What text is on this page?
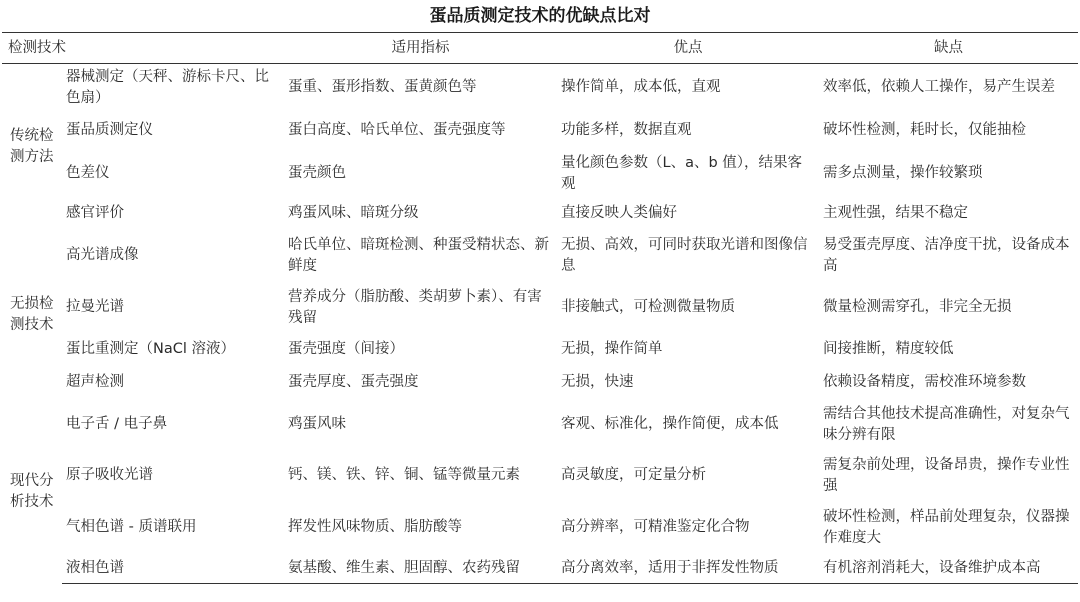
蛋品质测定技术的优缺点比对
检测技术		适用指标	优点	缺点
传统检测方法	器械测定（天秤、游标卡尺、比色扇）	蛋重、蛋形指数、蛋黄颜色等	操作简单，成本低，直观	效率低，依赖人工操作，易产生误差
	蛋品质测定仪	蛋白高度、哈氏单位、蛋壳强度等	功能多样，数据直观	破坏性检测，耗时长，仅能抽检
	色差仪	蛋壳颜色	量化颜色参数（L、a、b 值），结果客观	需多点测量，操作较繁琐
	感官评价	鸡蛋风味、暗斑分级	直接反映人类偏好	主观性强，结果不稳定
无损检测技术	高光谱成像	哈氏单位、暗斑检测、种蛋受精状态、新鲜度	无损、高效，可同时获取光谱和图像信息	易受蛋壳厚度、洁净度干扰，设备成本高
	拉曼光谱	营养成分（脂肪酸、类胡萝卜素）、有害残留	非接触式，可检测微量物质	微量检测需穿孔，非完全无损
	蛋比重测定（NaCl 溶液）	蛋壳强度（间接）	无损，操作简单	间接推断，精度较低
	超声检测	蛋壳厚度、蛋壳强度	无损，快速	依赖设备精度，需校准环境参数
现代分析技术	电子舌 / 电子鼻	鸡蛋风味	客观、标准化，操作简便，成本低	需结合其他技术提高准确性，对复杂气味分辨有限
	原子吸收光谱	钙、镁、铁、锌、铜、锰等微量元素	高灵敏度，可定量分析	需复杂前处理，设备昂贵，操作专业性强
	气相色谱 - 质谱联用	挥发性风味物质、脂肪酸等	高分辨率，可精准鉴定化合物	破坏性检测，样品前处理复杂，仪器操作难度大
	液相色谱	氨基酸、维生素、胆固醇、农药残留	高分离效率，适用于非挥发性物质	有机溶剂消耗大，设备维护成本高
